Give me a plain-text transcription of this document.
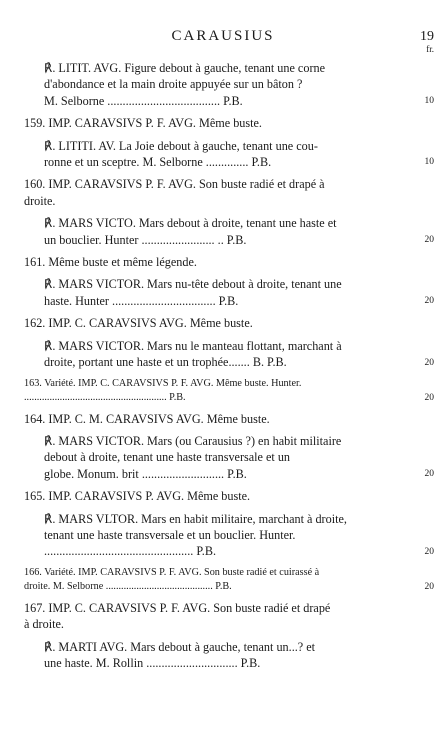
CARAUSIUS	19
fr.

℟. LITIT. AVG. Figure debout à gauche, tenant une corne

d'abondance et la main droite appuyée sur un bâton ?

M. Selborne ..................................... P.B.	10

159. IMP. CARAVSIVS P. F. AVG. Même buste.

℟. LITITI. AV. La Joie debout à gauche, tenant une cou-

ronne et un sceptre. M. Selborne .............. P.B.	10

160. IMP. CARAVSIVS P. F. AVG. Son buste radié et drapé à

droite.

℟. MARS VICTO. Mars debout à droite, tenant une haste et

un bouclier. Hunter ........................ .. P.B.	20

161. Même buste et même légende.

℟. MARS VICTOR. Mars nu-tête debout à droite, tenant une

haste. Hunter .................................. P.B.	20

162. IMP. C. CARAVSIVS AVG. Même buste.

℟. MARS VICTOR. Mars nu le manteau flottant, marchant à

droite, portant une haste et un trophée....... B. P.B.	20

163. Variété. IMP. C. CARAVSIVS P. F. AVG. Même buste. Hunter.

........................................................ P.B.	20

164. IMP. C. M. CARAVSIVS AVG. Même buste.

℟. MARS VICTOR. Mars (ou Carausius ?) en habit militaire

debout à droite, tenant une haste transversale et un

globe. Monum. brit ........................... P.B.	20

165. IMP. CARAVSIVS P. AVG. Même buste.

℟. MARS VLTOR. Mars en habit militaire, marchant à droite,

tenant une haste transversale et un bouclier. Hunter.

................................................. P.B.	20

166. Variété. IMP. CARAVSIVS P. F. AVG. Son buste radié et cuirassé à

droite. M. Selborne .......................................... P.B.	20

167. IMP. C. CARAVSIVS P. F. AVG. Son buste radié et drapé

à droite.

℟. MARTI AVG. Mars debout à gauche, tenant un...? et

une haste. M. Rollin .............................. P.B.
